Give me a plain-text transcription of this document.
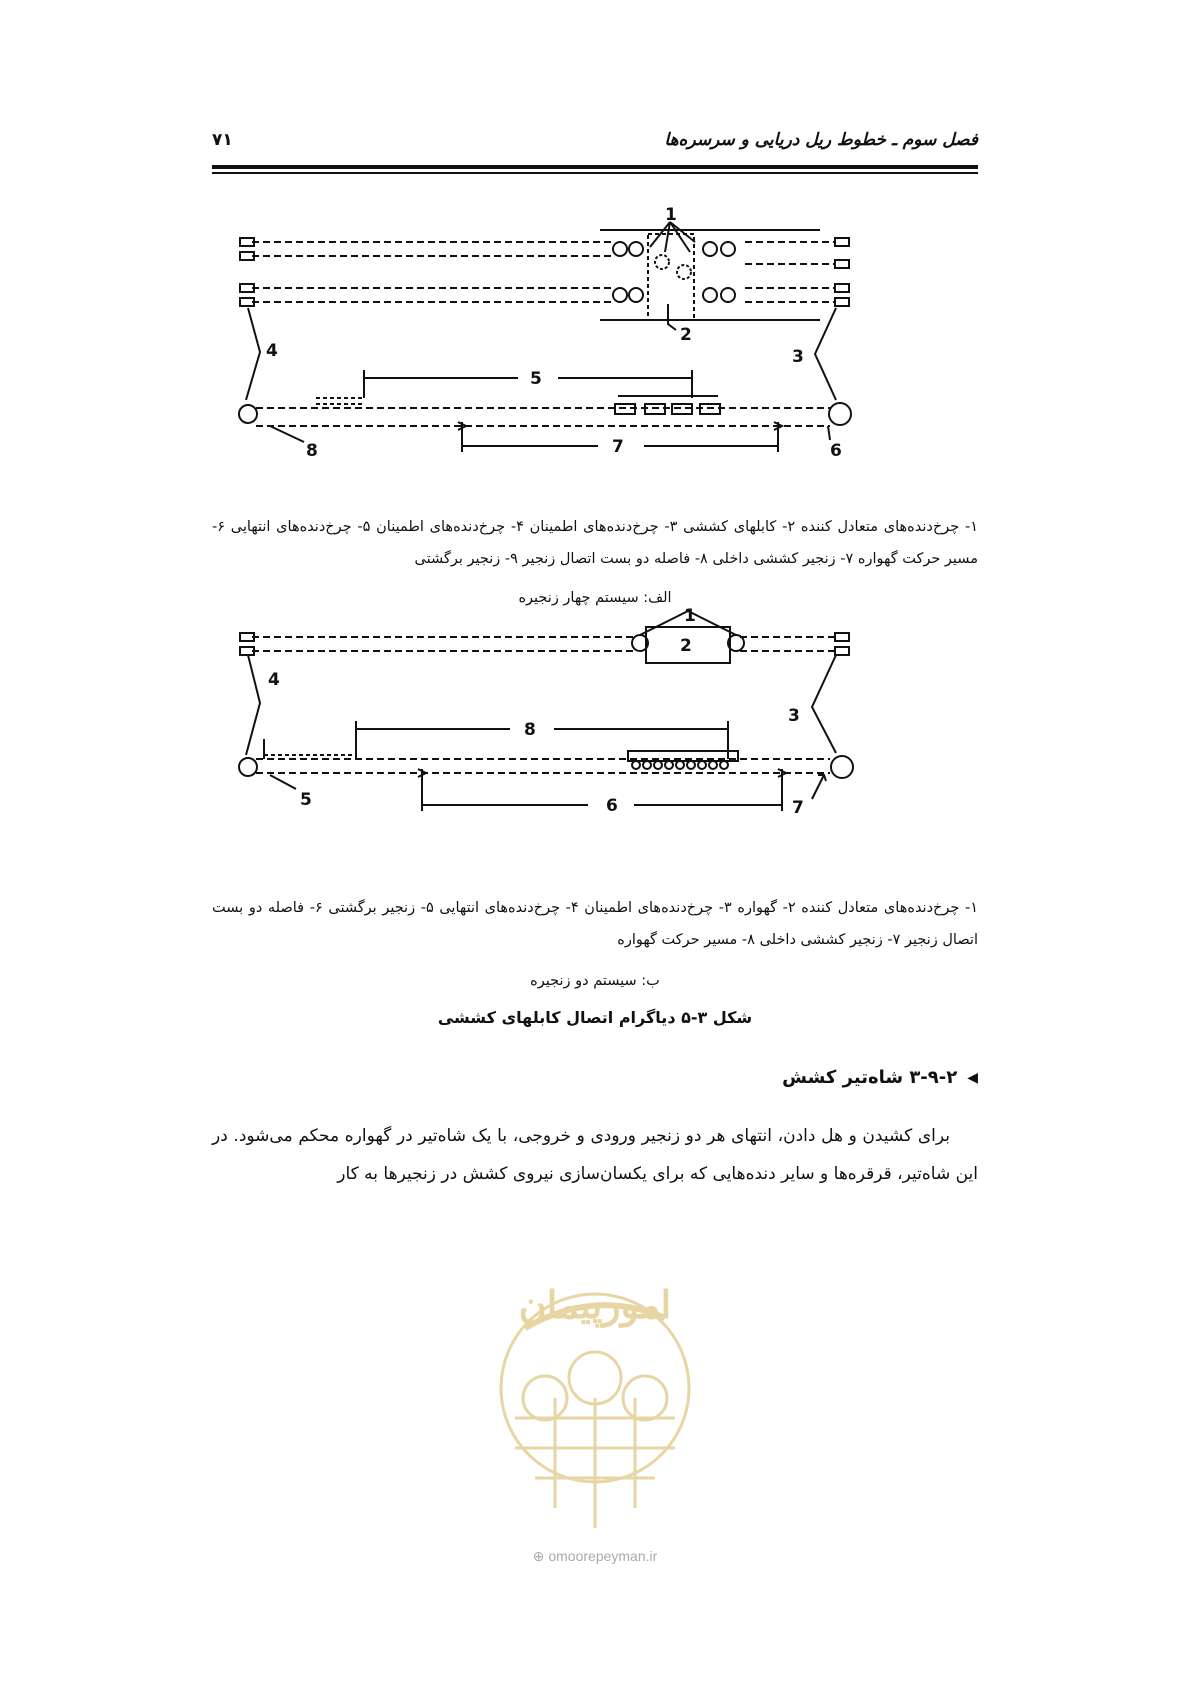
فصل سوم ـ خطوط ریل دریایی و سرسره‌ها
۷۱
1
2
3
4
5
6
7
8
۱- چرخ‌دنده‌های متعادل کننده ۲- کابلهای کششی ۳- چرخ‌دنده‌های اطمینان ۴- چرخ‌دنده‌های اطمینان ۵- چرخ‌دنده‌های انتهایی ۶- مسیر حرکت گهواره ۷- زنجیر کششی داخلی ۸- فاصله دو بست اتصال زنجیر ۹- زنجیر برگشتی
الف: سیستم چهار زنجیره
1
2
3
4
5	6	7
8
۱- چرخ‌دنده‌های متعادل کننده ۲- گهواره ۳- چرخ‌دنده‌های اطمینان ۴- چرخ‌دنده‌های انتهایی ۵- زنجیر برگشتی ۶- فاصله دو بست اتصال زنجیر ۷- زنجیر کششی داخلی ۸- مسیر حرکت گهواره
ب: سیستم دو زنجیره
شکل ۳-۵ دیاگرام اتصال کابلهای کششی
◀
۳-۹-۲ شاه‌تیر کشش
برای کشیدن و هل دادن، انتهای هر دو زنجیر ورودی و خروجی، با یک شاه‌تیر در گهواره محکم می‌شود. در این شاه‌تیر، قرقره‌ها و سایر دنده‌هایی که برای یکسان‌سازی نیروی کشش در زنجیرها به کار
امورپیمان
⊕ omoorepeyman.ir
